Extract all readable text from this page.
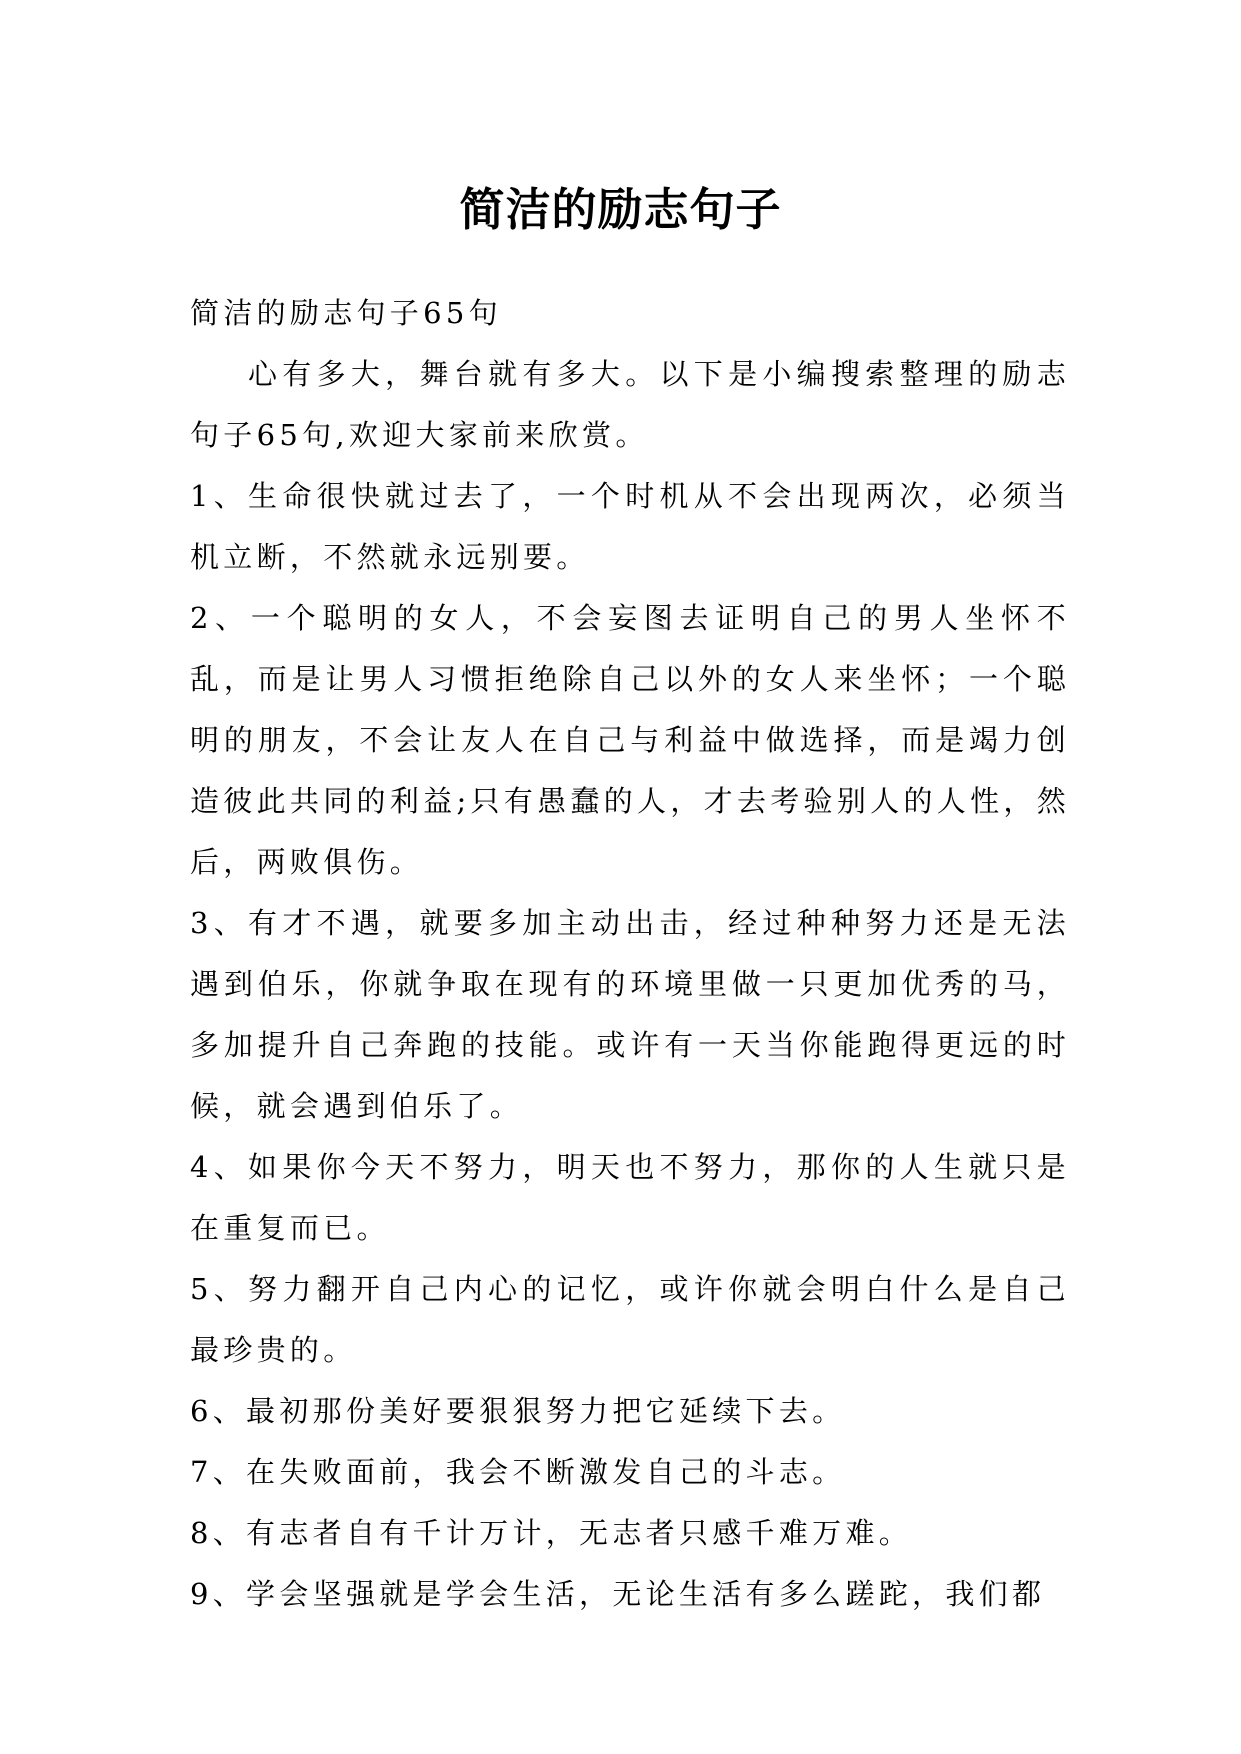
简洁的励志句子

简洁的励志句子65句

心有多大，舞台就有多大。以下是小编搜索整理的励志句子65句,欢迎大家前来欣赏。

1、生命很快就过去了，一个时机从不会出现两次，必须当机立断，不然就永远别要。
2、一个聪明的女人，不会妄图去证明自己的男人坐怀不乱，而是让男人习惯拒绝除自己以外的女人来坐怀；一个聪明的朋友，不会让友人在自己与利益中做选择，而是竭力创造彼此共同的利益;只有愚蠢的人，才去考验别人的人性，然后，两败俱伤。
3、有才不遇，就要多加主动出击，经过种种努力还是无法遇到伯乐，你就争取在现有的环境里做一只更加优秀的马，多加提升自己奔跑的技能。或许有一天当你能跑得更远的时候，就会遇到伯乐了。
4、如果你今天不努力，明天也不努力，那你的人生就只是在重复而已。
5、努力翻开自己内心的记忆，或许你就会明白什么是自己最珍贵的。
6、最初那份美好要狠狠努力把它延续下去。
7、在失败面前，我会不断激发自己的斗志。
8、有志者自有千计万计，无志者只感千难万难。
9、学会坚强就是学会生活，无论生活有多么蹉跎，我们都
